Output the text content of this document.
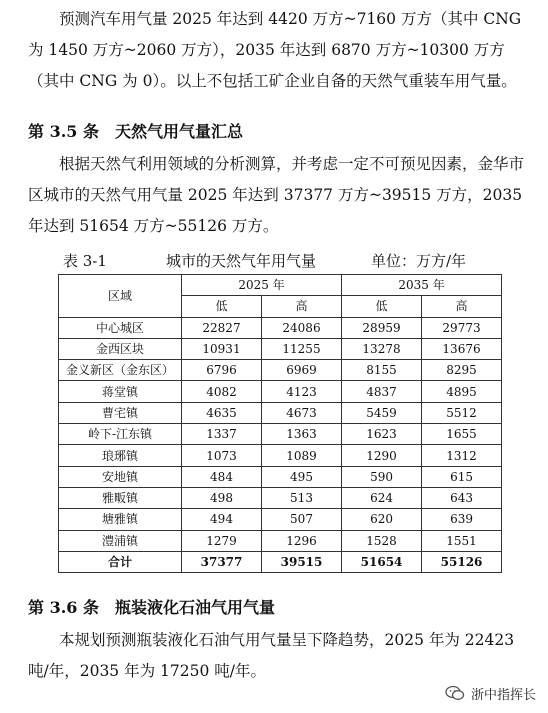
预测汽车用气量 2025 年达到 4420 万方~7160 万方（其中 CNG 为 1450 万方~2060 万方），2035 年达到 6870 万方~10300 万方（其中 CNG 为 0）。以上不包括工矿企业自备的天然气重装车用气量。

第 3.5 条 天然气用气量汇总

根据天然气利用领域的分析测算，并考虑一定不可预见因素，金华市区城市的天然气用气量 2025 年达到 37377 万方~39515 万方，2035 年达到 51654 万方~55126 万方。

表 3-1	城市的天然气年用气量	单位：万方/年
区域	2025 年		2035 年	
	低	高	低	高
中心城区	22827	24086	28959	29773
金西区块	10931	11255	13278	13676
金义新区（金东区）	6796	6969	8155	8295
蒋堂镇	4082	4123	4837	4895
曹宅镇	4635	4673	5459	5512
岭下-江东镇	1337	1363	1623	1655
琅琊镇	1073	1089	1290	1312
安地镇	484	495	590	615
雅畈镇	498	513	624	643
塘雅镇	494	507	620	639
澧浦镇	1279	1296	1528	1551
合计	37377	39515	51654	55126
第 3.6 条 瓶装液化石油气用气量

本规划预测瓶装液化石油气用气量呈下降趋势，2025 年为 22423 吨/年，2035 年为 17250 吨/年。

浙中指挥长
